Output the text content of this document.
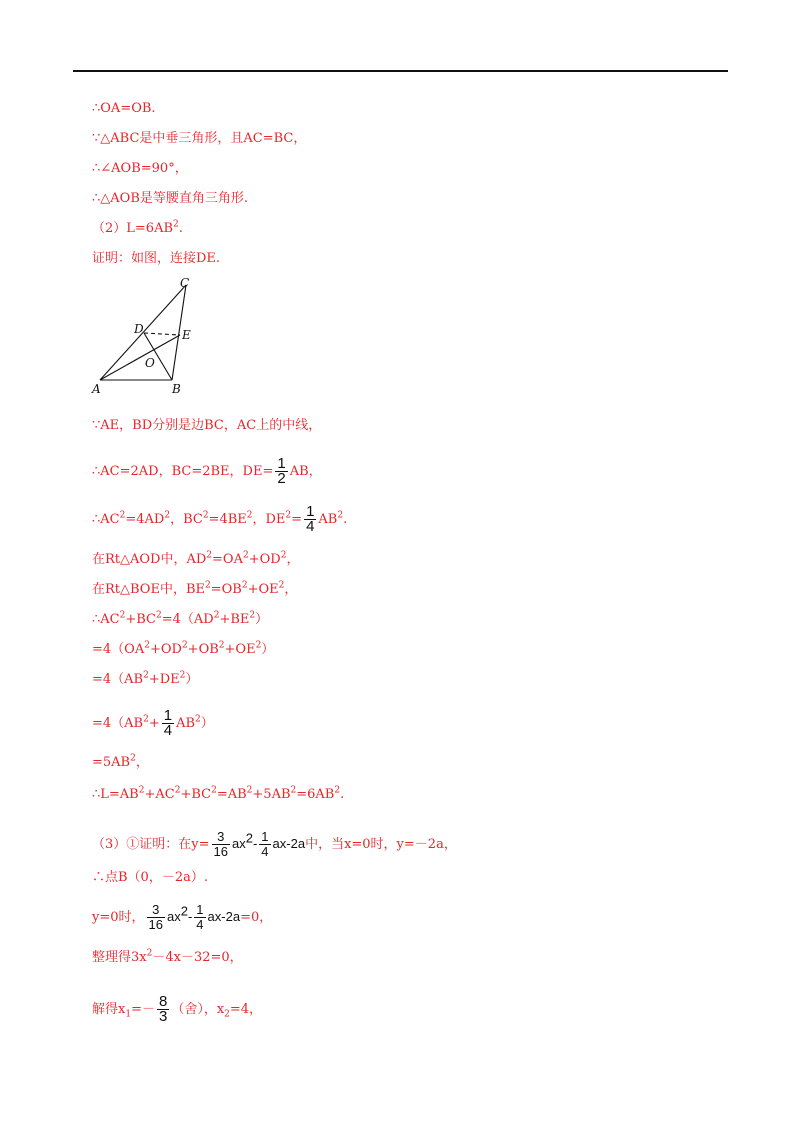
∴OA=OB.
∵△ABC是中垂三角形，且AC=BC，
∴∠AOB=90°，
∴△AOB是等腰直角三角形.
$(2)L=6AB^2$.
证明：如图，连接DE.
C
D	E
O
A	B
∵AE，BD分别是边BC，AC上的中线，
∴AC=2AD，BC=2BE，$DE= \frac{1}{2}$ AB，
$\therefore AC^2=4AD^2$，$BC^2=4BE^2$，$DE^2= \frac{1}{4} AB^2$.
在Rt△AOD中，$AD^2=OA^2+OD^2$，
在Rt△BOE中，$BE^2=OB^2+OE^2$，
$\therefore AC^2+BC^2=4(AD^2+BE^2)$
$=4(OA^2+OD^2+OB^2+OE^2)$
$=4(AB^2+DE^2)$
$=4(AB^2+ \frac{1}{4} AB^2)$
$=5AB^2$，
$\therefore L=AB^2+AC^2+BC^2=AB^2+5AB^2=6AB^2$.
（3）①证明：在$y= \frac{3}{16} ax^2- \frac{1}{4} ax-2a$中，当x=0时，y=－2a，
∴点B（0，－2a）.
y=0时， $\frac{3}{16} ax^2- \frac{1}{4} ax-2a=0$，
整理得$3x^2-4x-32=0$，
解得$x_1=- \frac{8}{3}$ （舍），$x_2=4$，
